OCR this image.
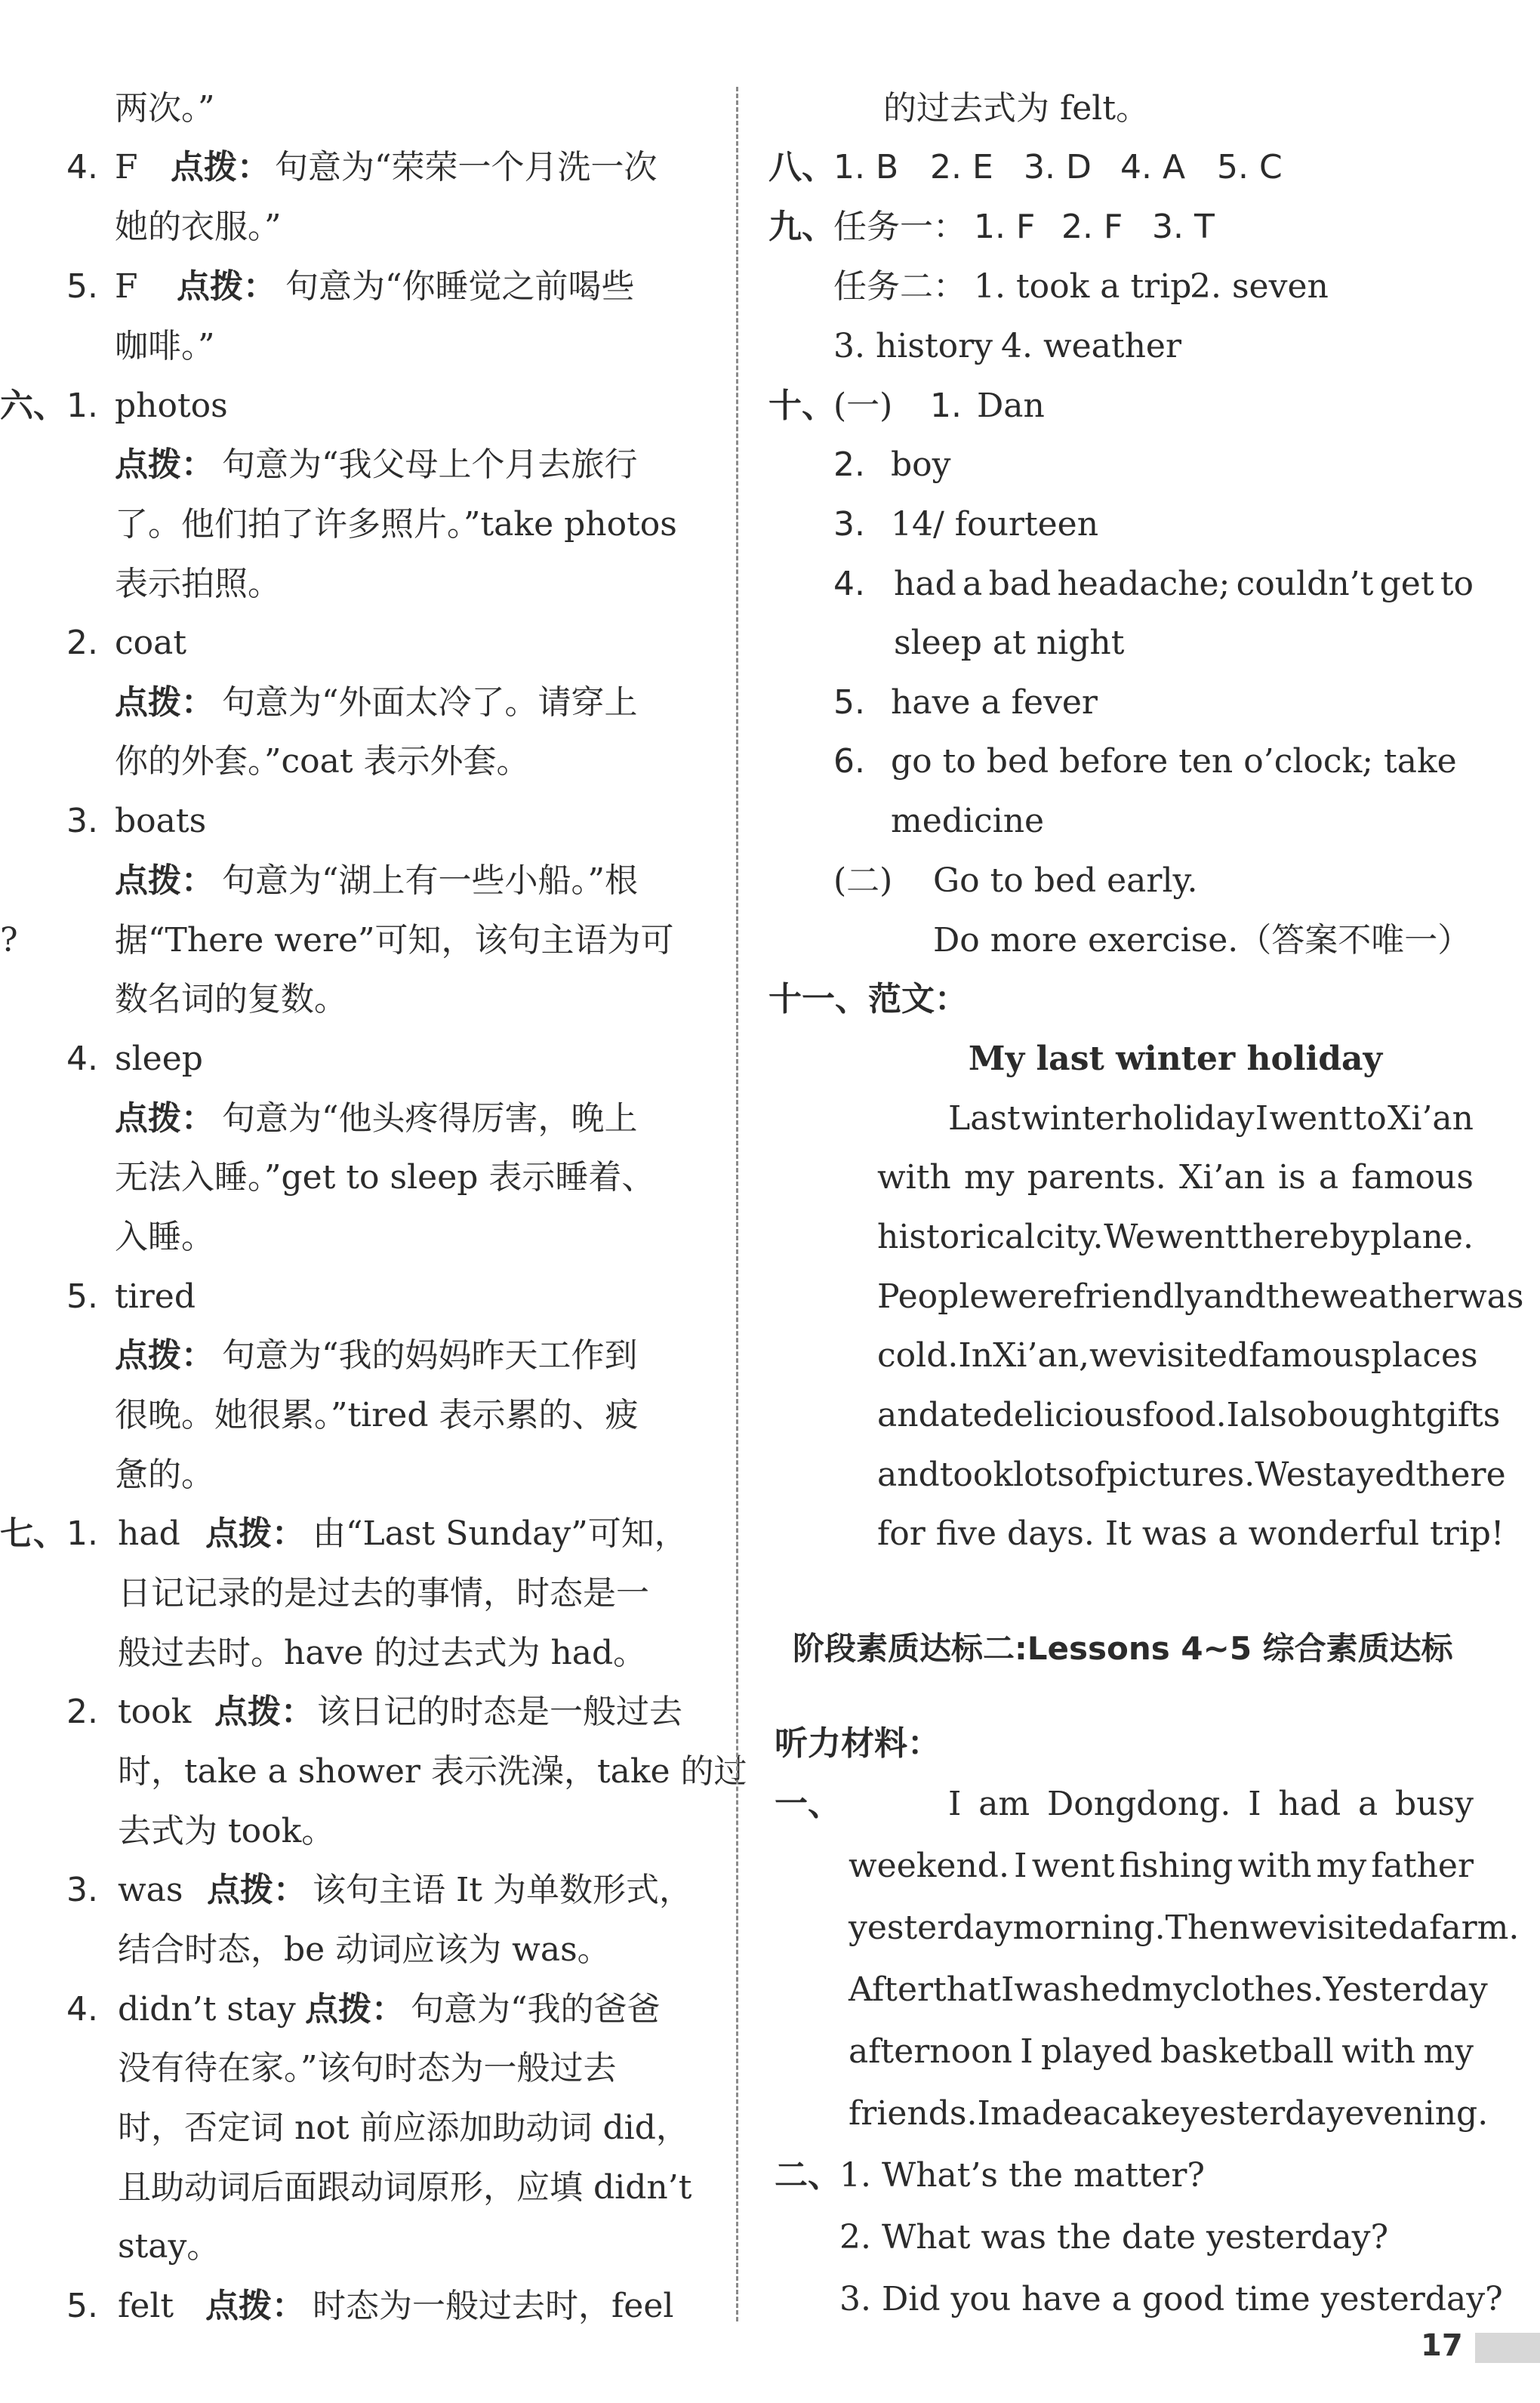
两次。”
4. F 点拨： 句意为“荣荣一个月洗一次
她的衣服。”
5. F 点拨： 句意为“你睡觉之前喝些
咖啡。”
六、 1. photos
点拨： 句意为“我父母上个月去旅行
了。他们拍了许多照片。”take photos
表示拍照。
2. coat
点拨： 句意为“外面太冷了。请穿上
你的外套。”coat 表示外套。
3. boats
点拨： 句意为“湖上有一些小船。”根
?	据“There were”可知，该句主语为可
数名词的复数。
4. sleep
点拨： 句意为“他头疼得厉害，晚上
无法入睡。”get to sleep 表示睡着、
入睡。
5. tired
点拨： 句意为“我的妈妈昨天工作到
很晚。她很累。”tired 表示累的、疲
惫的。
七、 1. had 点拨： 由“Last Sunday”可知，
日记记录的是过去的事情，时态是一
般过去时。have 的过去式为 had。
2. took 点拨： 该日记的时态是一般过去
时，take a shower 表示洗澡，take 的过
去式为 took。
3. was 点拨： 该句主语 It 为单数形式，
结合时态，be 动词应该为 was。
4. didn’t stay 点拨： 句意为“我的爸爸
没有待在家。”该句时态为一般过去
时，否定词 not 前应添加助动词 did，
且助动词后面跟动词原形，应填 didn’t
stay。
5. felt 点拨： 时态为一般过去时，feel
的过去式为 felt。
八、
1. B 2. E 3. D 4. A 5. C
九、
任务一： 1. F 2. F 3. T
任务二： 1. took a trip
2. seven
3. history 4. weather
十、
(一) 1. Dan
2. boy
3. 14/ fourteen
4. had a bad headache; couldn’t get to
sleep at night
5. have a fever
6. go to bed before ten o’clock; take
medicine
(二) Go to bed early.
Do more exercise.（答案不唯一）
十一、范文：
My last winter holiday
Last winter holiday I went to Xi’an
with my parents. Xi’an is a famous
historical city. We went there by plane.
People were friendly and the weather was
cold. In Xi’an, we visited famous places
and ate delicious food. I also bought gifts
and took lots of pictures. We stayed there
for five days. It was a wonderful trip!
阶段素质达标二:Lessons 4~5 综合素质达标
听力材料：
一、	I am Dongdong. I had a busy
weekend. I went fishing with my father
yesterday morning. Then we visited a farm.
After that I washed my clothes. Yesterday
afternoon I played basketball with my
friends. I made a cake yesterday evening.
二、
1. What’s the matter?
2. What was the date yesterday?
3. Did you have a good time yesterday?
17
